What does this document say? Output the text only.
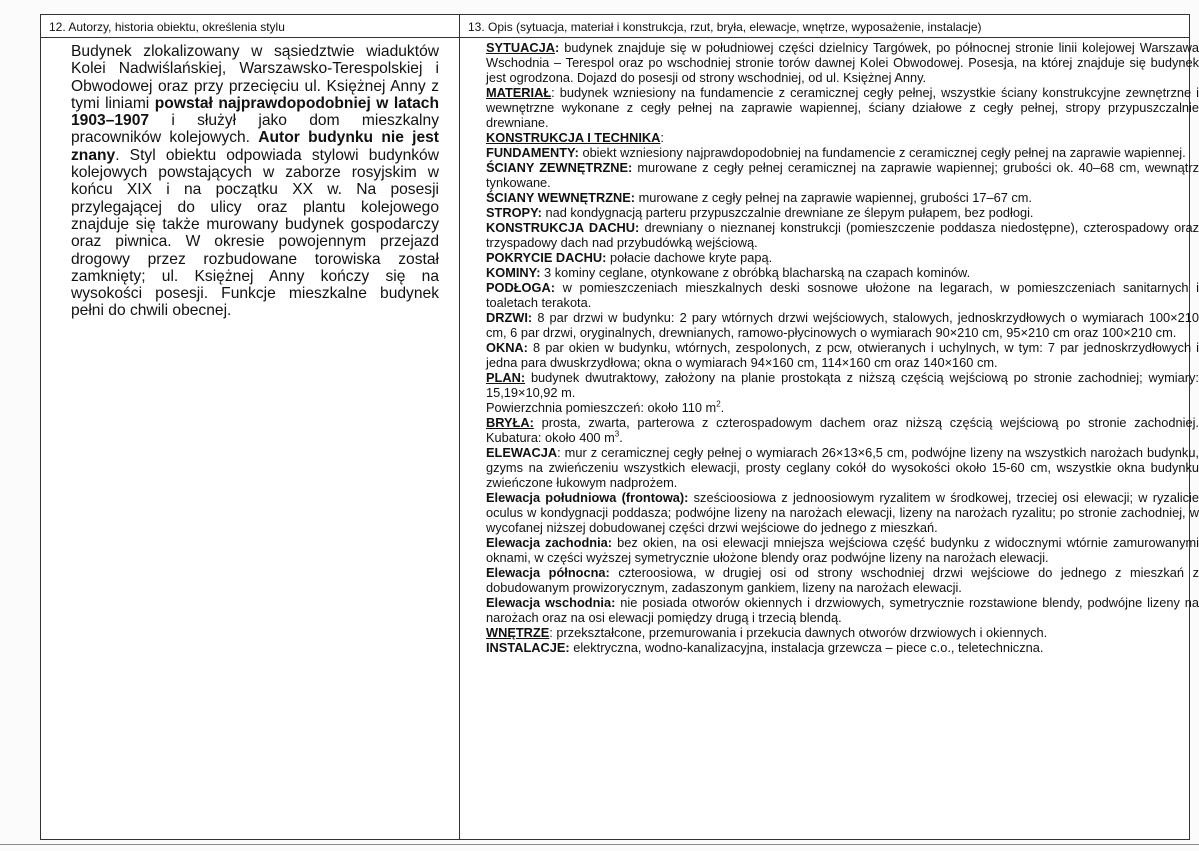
12. Autorzy, historia obiektu, określenia stylu
Budynek zlokalizowany w sąsiedztwie wiaduktów Kolei Nadwiślańskiej, Warszawsko-Terespolskiej i Obwodowej oraz przy przecięciu ul. Księżnej Anny z tymi liniami powstał najprawdopodobniej w latach 1903–1907 i służył jako dom mieszkalny pracowników kolejowych. Autor budynku nie jest znany. Styl obiektu odpowiada stylowi budynków kolejowych powstających w zaborze rosyjskim w końcu XIX i na początku XX w. Na posesji przylegającej do ulicy oraz plantu kolejowego znajduje się także murowany budynek gospodarczy oraz piwnica. W okresie powojennym przejazd drogowy przez rozbudowane torowiska został zamknięty; ul. Księżnej Anny kończy się na wysokości posesji. Funkcje mieszkalne budynek pełni do chwili obecnej.
13. Opis (sytuacja, materiał i konstrukcja, rzut, bryła, elewacje, wnętrze, wyposażenie, instalacje)

SYTUACJA: budynek znajduje się w południowej części dzielnicy Targówek, po północnej stronie linii kolejowej Warszawa Wschodnia – Terespol oraz po wschodniej stronie torów dawnej Kolei Obwodowej. Posesja, na której znajduje się budynek jest ogrodzona. Dojazd do posesji od strony wschodniej, od ul. Księżnej Anny.

MATERIAŁ: budynek wzniesiony na fundamencie z ceramicznej cegły pełnej, wszystkie ściany konstrukcyjne zewnętrzne i wewnętrzne wykonane z cegły pełnej na zaprawie wapiennej, ściany działowe z cegły pełnej, stropy przypuszczalnie drewniane.

KONSTRUKCJA I TECHNIKA:

FUNDAMENTY: obiekt wzniesiony najprawdopodobniej na fundamencie z ceramicznej cegły pełnej na zaprawie wapiennej.

ŚCIANY ZEWNĘTRZNE: murowane z cegły pełnej ceramicznej na zaprawie wapiennej; grubości ok. 40–68 cm, wewnątrz tynkowane.

ŚCIANY WEWNĘTRZNE: murowane z cegły pełnej na zaprawie wapiennej, grubości 17–67 cm.

STROPY: nad kondygnacją parteru przypuszczalnie drewniane ze ślepym pułapem, bez podłogi.

KONSTRUKCJA DACHU: drewniany o nieznanej konstrukcji (pomieszczenie poddasza niedostępne), czterospadowy oraz trzyspadowy dach nad przybudówką wejściową.

POKRYCIE DACHU: połacie dachowe kryte papą.

KOMINY: 3 kominy ceglane, otynkowane z obróbką blacharską na czapach kominów.

PODŁOGA: w pomieszczeniach mieszkalnych deski sosnowe ułożone na legarach, w pomieszczeniach sanitarnych i toaletach terakota.

DRZWI: 8 par drzwi w budynku: 2 pary wtórnych drzwi wejściowych, stalowych, jednoskrzydłowych o wymiarach 100×210 cm, 6 par drzwi, oryginalnych, drewnianych, ramowo-płycinowych o wymiarach 90×210 cm, 95×210 cm oraz 100×210 cm.

OKNA: 8 par okien w budynku, wtórnych, zespolonych, z pcw, otwieranych i uchylnych, w tym: 7 par jednoskrzydłowych i jedna para dwuskrzydłowa; okna o wymiarach 94×160 cm, 114×160 cm oraz 140×160 cm.

PLAN: budynek dwutraktowy, założony na planie prostokąta z niższą częścią wejściową po stronie zachodniej; wymiary: 15,19×10,92 m.

Powierzchnia pomieszczeń: około 110 $m^2$.

BRYŁA: prosta, zwarta, parterowa z czterospadowym dachem oraz niższą częścią wejściową po stronie zachodniej. Kubatura: około 400 $m^3$.

ELEWACJA: mur z ceramicznej cegły pełnej o wymiarach 26×13×6,5 cm, podwójne lizeny na wszystkich narożach budynku, gzyms na zwieńczeniu wszystkich elewacji, prosty ceglany cokół do wysokości około 15-60 cm, wszystkie okna budynku zwieńczone łukowym nadprożem.

Elewacja południowa (frontowa): sześcioosiowa z jednoosiowym ryzalitem w środkowej, trzeciej osi elewacji; w ryzalicie oculus w kondygnacji poddasza; podwójne lizeny na narożach elewacji, lizeny na narożach ryzalitu; po stronie zachodniej, w wycofanej niższej dobudowanej części drzwi wejściowe do jednego z mieszkań.

Elewacja zachodnia: bez okien, na osi elewacji mniejsza wejściowa część budynku z widocznymi wtórnie zamurowanymi oknami, w części wyższej symetrycznie ułożone blendy oraz podwójne lizeny na narożach elewacji.

Elewacja północna: czteroosiowa, w drugiej osi od strony wschodniej drzwi wejściowe do jednego z mieszkań z dobudowanym prowizorycznym, zadaszonym gankiem, lizeny na narożach elewacji.

Elewacja wschodnia: nie posiada otworów okiennych i drzwiowych, symetrycznie rozstawione blendy, podwójne lizeny na narożach oraz na osi elewacji pomiędzy drugą i trzecią blendą.

WNĘTRZE: przekształcone, przemurowania i przekucia dawnych otworów drzwiowych i okiennych.

INSTALACJE: elektryczna, wodno-kanalizacyjna, instalacja grzewcza – piece c.o., teletechniczna.
